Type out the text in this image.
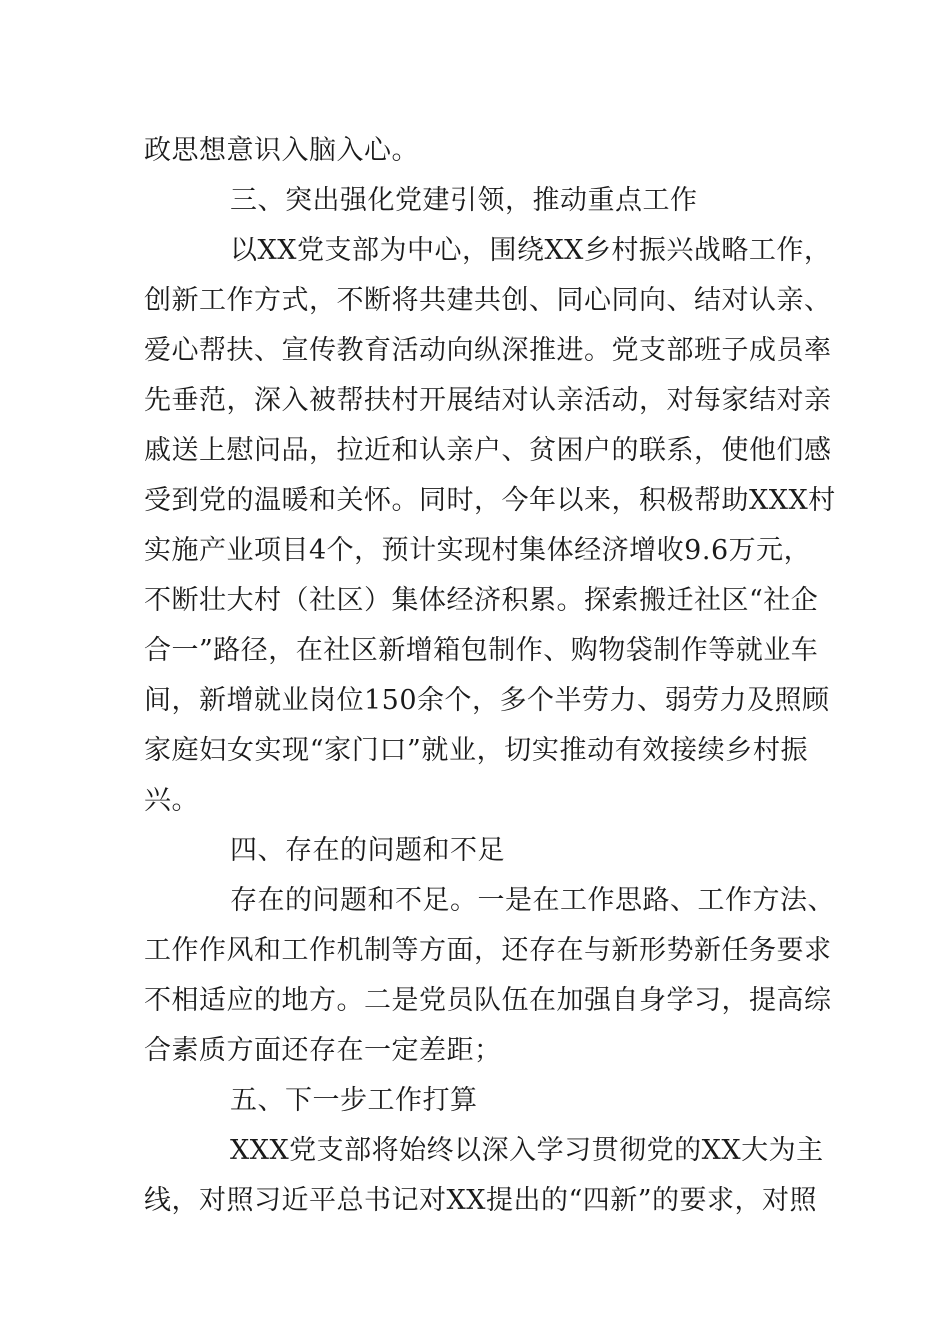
政思想意识入脑入心。
三、突出强化党建引领，推动重点工作
以XX党支部为中心，围绕XX乡村振兴战略工作，
创新工作方式，不断将共建共创、同心同向、结对认亲、
爱心帮扶、宣传教育活动向纵深推进。党支部班子成员率
先垂范，深入被帮扶村开展结对认亲活动，对每家结对亲
戚送上慰问品，拉近和认亲户、贫困户的联系，使他们感
受到党的温暖和关怀。同时，今年以来，积极帮助XXX村
实施产业项目4个，预计实现村集体经济增收9.6万元，
不断壮大村（社区）集体经济积累。探索搬迁社区“社企
合一”路径，在社区新增箱包制作、购物袋制作等就业车
间，新增就业岗位150余个，多个半劳力、弱劳力及照顾
家庭妇女实现“家门口”就业，切实推动有效接续乡村振
兴。
四、存在的问题和不足
存在的问题和不足。一是在工作思路、工作方法、
工作作风和工作机制等方面，还存在与新形势新任务要求
不相适应的地方。二是党员队伍在加强自身学习，提高综
合素质方面还存在一定差距；
五、下一步工作打算
XXX党支部将始终以深入学习贯彻党的XX大为主
线，对照习近平总书记对XX提出的“四新”的要求，对照
